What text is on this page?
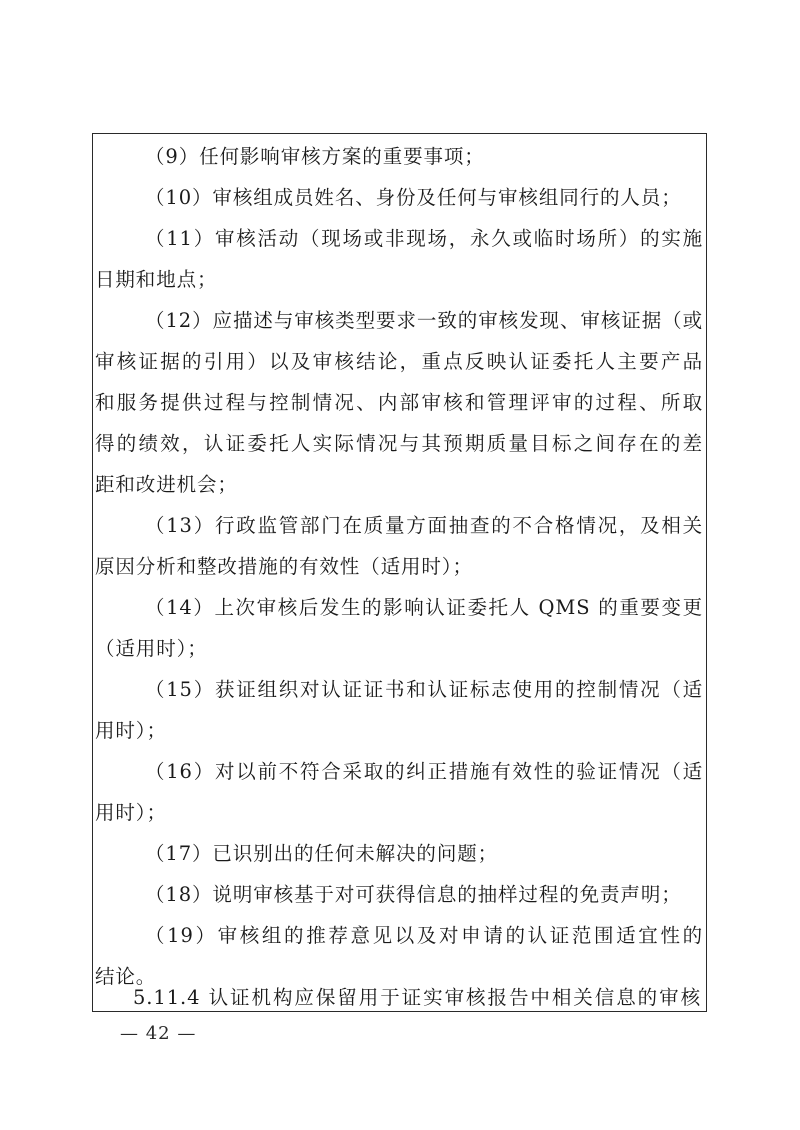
（9）任何影响审核方案的重要事项；
（10）审核组成员姓名、身份及任何与审核组同行的人员；
（11）审核活动（现场或非现场，永久或临时场所）的实施
日期和地点；
（12）应描述与审核类型要求一致的审核发现、审核证据（或
审核证据的引用）以及审核结论，重点反映认证委托人主要产品
和服务提供过程与控制情况、内部审核和管理评审的过程、所取
得的绩效，认证委托人实际情况与其预期质量目标之间存在的差
距和改进机会；
（13）行政监管部门在质量方面抽查的不合格情况，及相关
原因分析和整改措施的有效性（适用时）；
（14）上次审核后发生的影响认证委托人 QMS 的重要变更
（适用时）；
（15）获证组织对认证证书和认证标志使用的控制情况（适
用时）；
（16）对以前不符合采取的纠正措施有效性的验证情况（适
用时）；
（17）已识别出的任何未解决的问题；
（18）说明审核基于对可获得信息的抽样过程的免责声明；
（19）审核组的推荐意见以及对申请的认证范围适宜性的
结论。
5.11.4 认证机构应保留用于证实审核报告中相关信息的审核
— 42 —
